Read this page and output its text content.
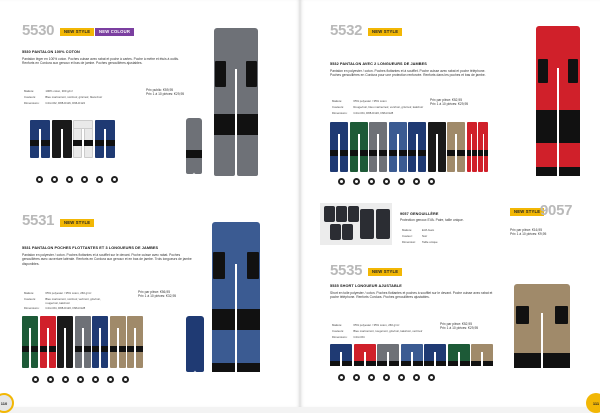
5530	NEW STYLE	NEW COLOUR
5530 PANTALON 100% COTON
Pantalon léger en 100% coton. Poches cuisse avec rabat et poche à cartes. Poche à mètre et étuis à outils. Renforts en Cordura aux genoux et bas de jambe. Poches genouillères ajustables.
Matière:	100% coton, 300 g/m²
Couleurs:	Bleu marine/noir, noir/noir, gris/noir, blanc/noir
Dimensions:	C44-C62, D88-D116, D96-D124
Prix public: €59,95
Prix 1 à 10 pièces: €29,95
5531	NEW STYLE
5531 PANTALON POCHES FLOTTANTES ET 3 LONGUEURS DE JAMBES
Pantalon en polyester / coton. Poches flottantes et à soufflet sur le devant. Poche cuisse avec rabat. Poches genouillères avec ouverture latérale. Renforts en Cordura aux genoux et en bas de jambe. Trois longueurs de jambe disponibles.
Matière:	65% polyester / 35% coton, 260 g/m²
Couleurs:		Bleu marine/noir, noir/noir, vert/noir, gris/noir, rouge/noir, kaki/noir
Dimensions:	C44-C64, D88-D120, D96-D128
Prix par pièce: €56,95
Prix 1 à 10 pièces: €32,95
110
5532	NEW STYLE
5532 PANTALON AVEC 2 LONGUEURS DE JAMBES
Pantalon en polyester / coton. Poches flottantes et à soufflet. Poche cuisse avec rabat et poche téléphone. Poches genouillères en Cordura pour une protection renforcée. Renforts dans les poches et bas de jambe.
Matière:	65% polyester / 35% coton
Couleurs:		Rouge/noir, bleu marine/noir, vert/noir, gris/noir, kaki/noir
Dimensions:	C44-C64, D88-D120, D96-D128
Prix par pièce: €52,95
Prix 1 à 10 pièces: €29,95
9057 GENOUILLÈRE
Protection genoux EVA. Paire, taille unique.
Matière:	EVA foam
Couleur:	Noir
Dimension:	Taille unique
NEW STYLE 9057
Prix par pièce: €16,95
Prix 1 à 10 pièces: €9,95
5535	NEW STYLE
5535 SHORT LONGUEUR AJUSTABLE
Short en toile polyester / coton. Poches flottantes et poches à soufflet sur le devant. Poche cuisse avec rabat et poche téléphone. Renforts Cordura. Poches genouillères ajustables.
Matière:	65% polyester / 35% coton, 260 g/m²
Couleurs:		Bleu marine/noir, rouge/noir, gris/noir, kaki/noir, vert/noir
Dimensions:	C44-C64
Prix par pièce: €52,95
Prix 1 à 10 pièces: €29,95
111
